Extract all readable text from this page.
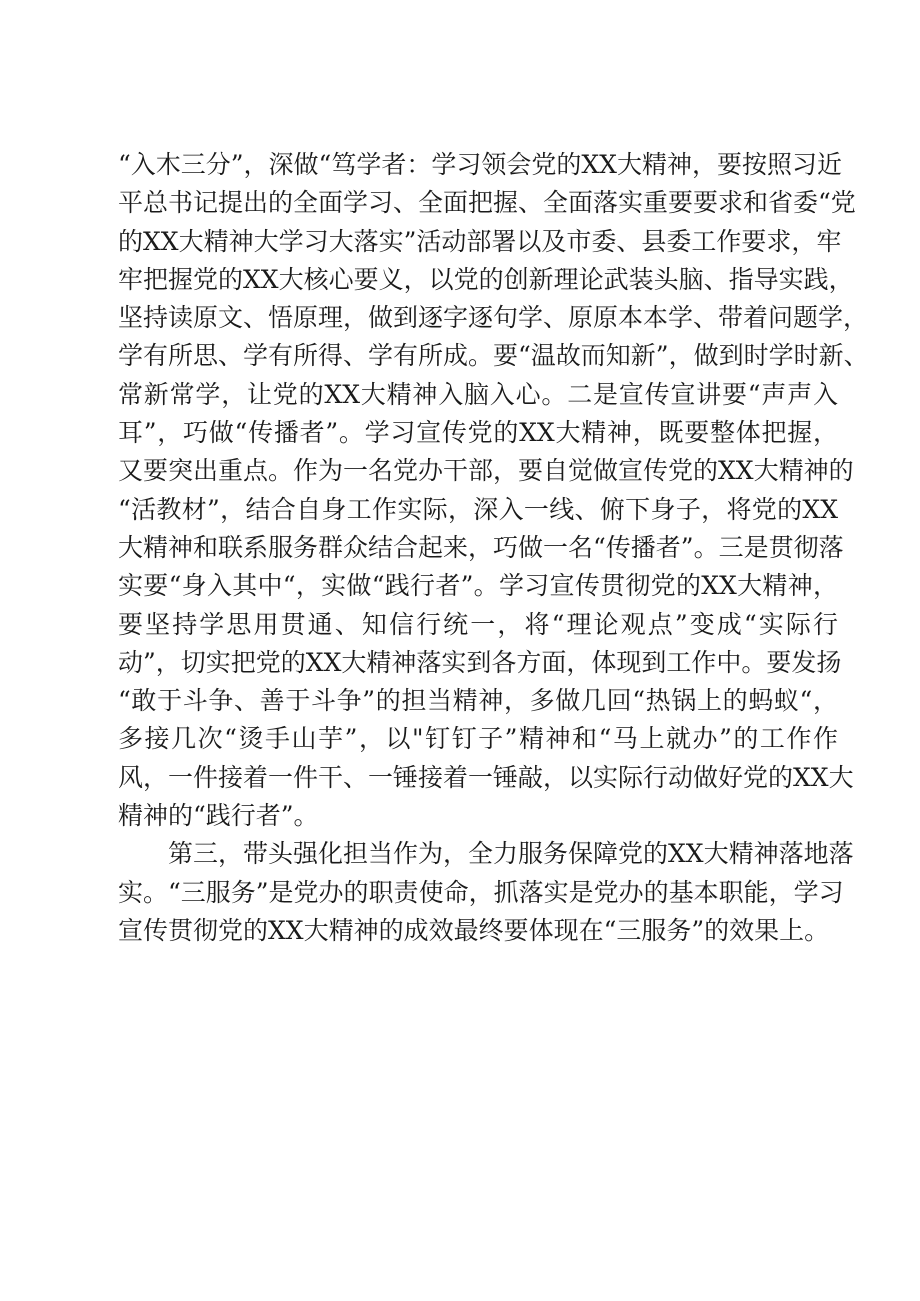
“入木三分”，深做“笃学者：学习领会党的XX大精神，要按照习近
平总书记提出的全面学习、全面把握、全面落实重要要求和省委“党
的XX大精神大学习大落实”活动部署以及市委、县委工作要求，牢
牢把握党的XX大核心要义，以党的创新理论武装头脑、指导实践，
坚持读原文、悟原理，做到逐字逐句学、原原本本学、带着问题学，
学有所思、学有所得、学有所成。要“温故而知新”，做到时学时新、
常新常学，让党的XX大精神入脑入心。二是宣传宣讲要“声声入
耳”，巧做“传播者”。学习宣传党的XX大精神，既要整体把握，
又要突出重点。作为一名党办干部，要自觉做宣传党的XX大精神的
“活教材”，结合自身工作实际，深入一线、俯下身子，将党的XX
大精神和联系服务群众结合起来，巧做一名“传播者”。三是贯彻落
实要“身入其中“，实做“践行者”。学习宣传贯彻党的XX大精神，
要坚持学思用贯通、知信行统一，将“理论观点”变成“实际行
动”，切实把党的XX大精神落实到各方面，体现到工作中。要发扬
“敢于斗争、善于斗争”的担当精神，多做几回“热锅上的蚂蚁“，
多接几次“烫手山芋”，以"钉钉子”精神和“马上就办”的工作作
风，一件接着一件干、一锤接着一锤敲，以实际行动做好党的XX大
精神的“践行者”。
　　第三，带头强化担当作为，全力服务保障党的XX大精神落地落
实。“三服务”是党办的职责使命，抓落实是党办的基本职能，学习
宣传贯彻党的XX大精神的成效最终要体现在“三服务”的效果上。
